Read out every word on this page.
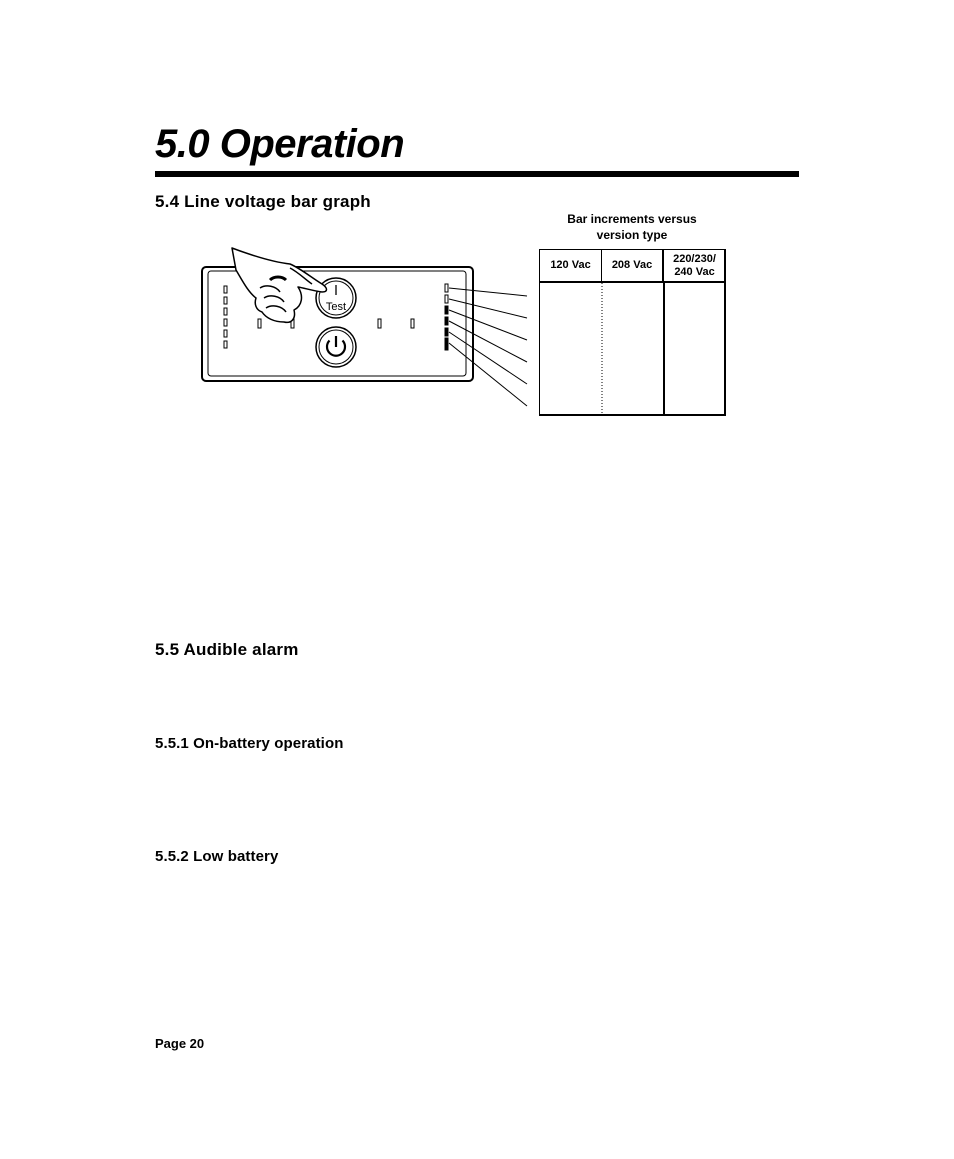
5.0 Operation
5.4 Line voltage bar graph
Bar increments versus
version type
Test
120 Vac	208 Vac
220/230/ 240 Vac
5.5 Audible alarm
5.5.1 On-battery operation
5.5.2 Low battery
Page 20
